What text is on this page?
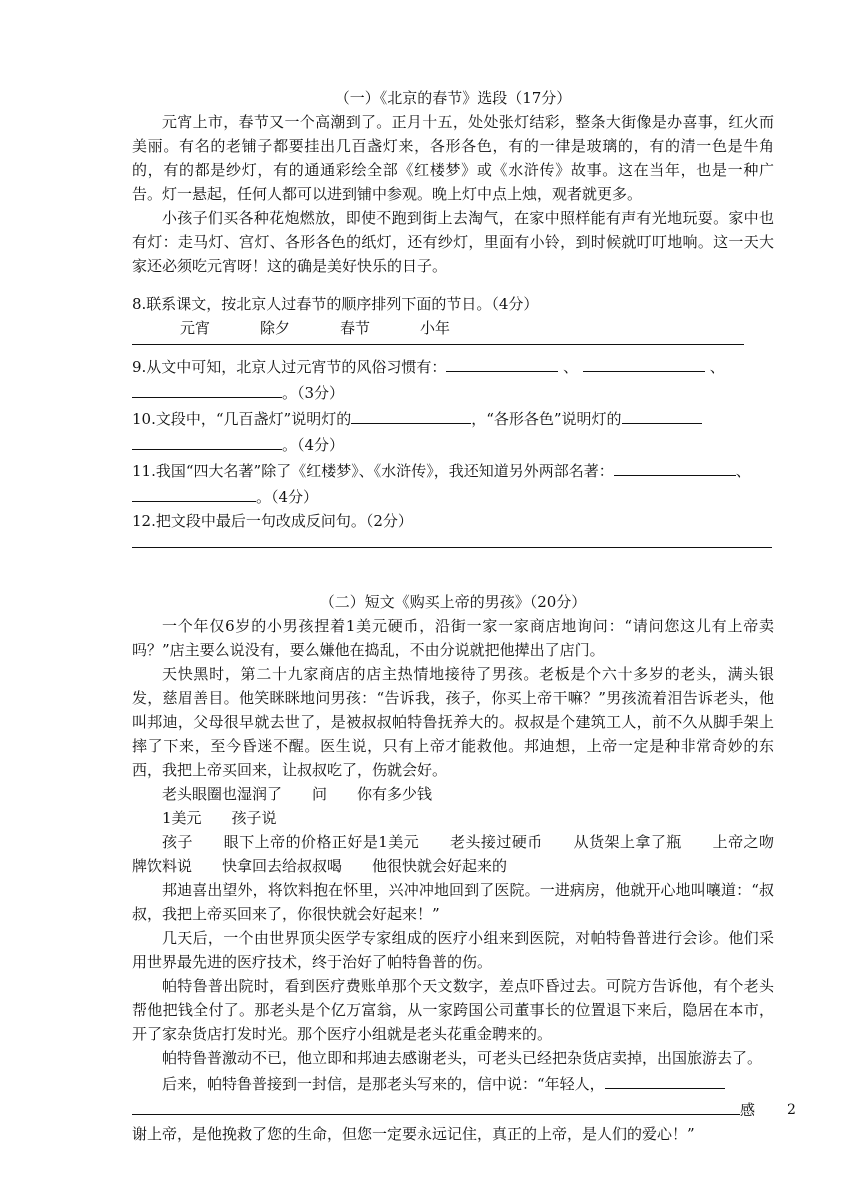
（一）《北京的春节》选段（17分）

元宵上市，春节又一个高潮到了。正月十五，处处张灯结彩，整条大街像是办喜事，红火而美丽。有名的老铺子都要挂出几百盏灯来，各形各色，有的一律是玻璃的，有的清一色是牛角的，有的都是纱灯，有的通通彩绘全部《红楼梦》或《水浒传》故事。这在当年，也是一种广告。灯一悬起，任何人都可以进到铺中参观。晚上灯中点上烛，观者就更多。

小孩子们买各种花炮燃放，即使不跑到街上去淘气，在家中照样能有声有光地玩耍。家中也有灯：走马灯、宫灯、各形各色的纸灯，还有纱灯，里面有小铃，到时候就叮叮地响。这一天大家还必须吃元宵呀！这的确是美好快乐的日子。

8.联系课文，按北京人过春节的顺序排列下面的节日。（4分）

元宵	除夕	春节	小年

9.从文中可知，北京人过元宵节的风俗习惯有：	、	、

。（3分）

10.文段中，“几百盏灯”说明灯的	，“各形各色”说明灯的

。（4分）

11.我国“四大名著”除了《红楼梦》、《水浒传》，我还知道另外两部名著：	、

。（4分）

12.把文段中最后一句改成反问句。（2分）

（二）短文《购买上帝的男孩》（20分）

一个年仅6岁的小男孩捏着1美元硬币，沿街一家一家商店地询问：“请问您这儿有上帝卖吗？”店主要么说没有，要么嫌他在捣乱，不由分说就把他撵出了店门。

天快黑时，第二十九家商店的店主热情地接待了男孩。老板是个六十多岁的老头，满头银发，慈眉善目。他笑眯眯地问男孩：“告诉我，孩子，你买上帝干嘛？”男孩流着泪告诉老头，他叫邦迪，父母很早就去世了，是被叔叔帕特鲁抚养大的。叔叔是个建筑工人，前不久从脚手架上摔了下来，至今昏迷不醒。医生说，只有上帝才能救他。邦迪想，上帝一定是种非常奇妙的东西，我把上帝买回来，让叔叔吃了，伤就会好。

老头眼圈也湿润了　　问　　你有多少钱

1美元　　孩子说

孩子　　眼下上帝的价格正好是1美元　　老头接过硬币　　从货架上拿了瓶　　上帝之吻　　牌饮料说　　快拿回去给叔叔喝　　他很快就会好起来的

邦迪喜出望外，将饮料抱在怀里，兴冲冲地回到了医院。一进病房，他就开心地叫嚷道：“叔叔，我把上帝买回来了，你很快就会好起来！”

几天后，一个由世界顶尖医学专家组成的医疗小组来到医院，对帕特鲁普进行会诊。他们采用世界最先进的医疗技术，终于治好了帕特鲁普的伤。

帕特鲁普出院时，看到医疗费账单那个天文数字，差点吓昏过去。可院方告诉他，有个老头帮他把钱全付了。那老头是个亿万富翁，从一家跨国公司董事长的位置退下来后，隐居在本市，开了家杂货店打发时光。那个医疗小组就是老头花重金聘来的。

帕特鲁普激动不已，他立即和邦迪去感谢老头，可老头已经把杂货店卖掉，出国旅游去了。

后来，帕特鲁普接到一封信，是那老头写来的，信中说：“年轻人，

感

谢上帝，是他挽救了您的生命，但您一定要永远记住，真正的上帝，是人们的爱心！”

2
